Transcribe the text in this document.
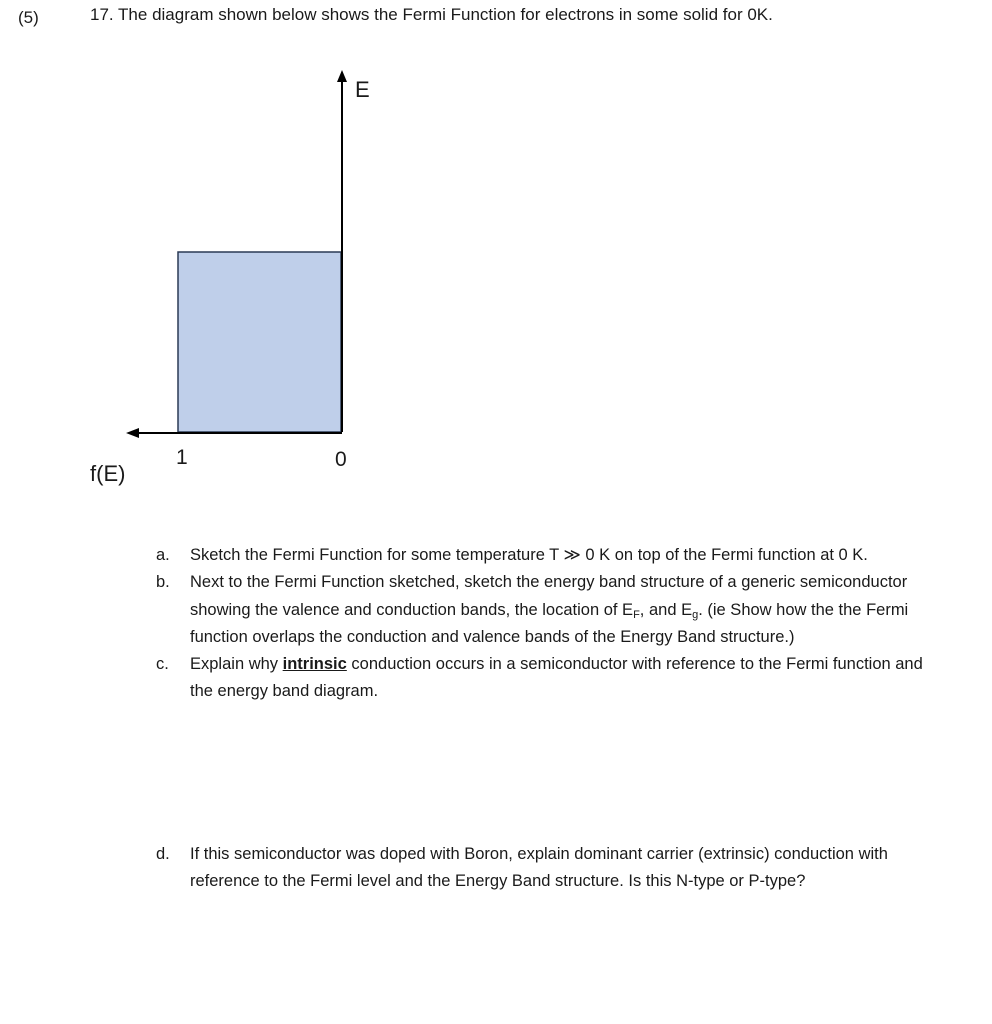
(5)	17. The diagram shown below shows the Fermi Function for electrons in some solid for 0K.
E
f(E)
1	0
a.	Sketch the Fermi Function for some temperature T ≫ 0 K on top of the Fermi function at 0 K.
b.	Next to the Fermi Function sketched, sketch the energy band structure of a generic semiconductor showing the valence and conduction bands, the location of $E_F$, and $E_g$. (ie Show how the the Fermi function overlaps the conduction and valence bands of the Energy Band structure.)
c.	Explain why intrinsic conduction occurs in a semiconductor with reference to the Fermi function and the energy band diagram.
d.	If this semiconductor was doped with Boron, explain dominant carrier (extrinsic) conduction with reference to the Fermi level and the Energy Band structure. Is this N-type or P-type?
